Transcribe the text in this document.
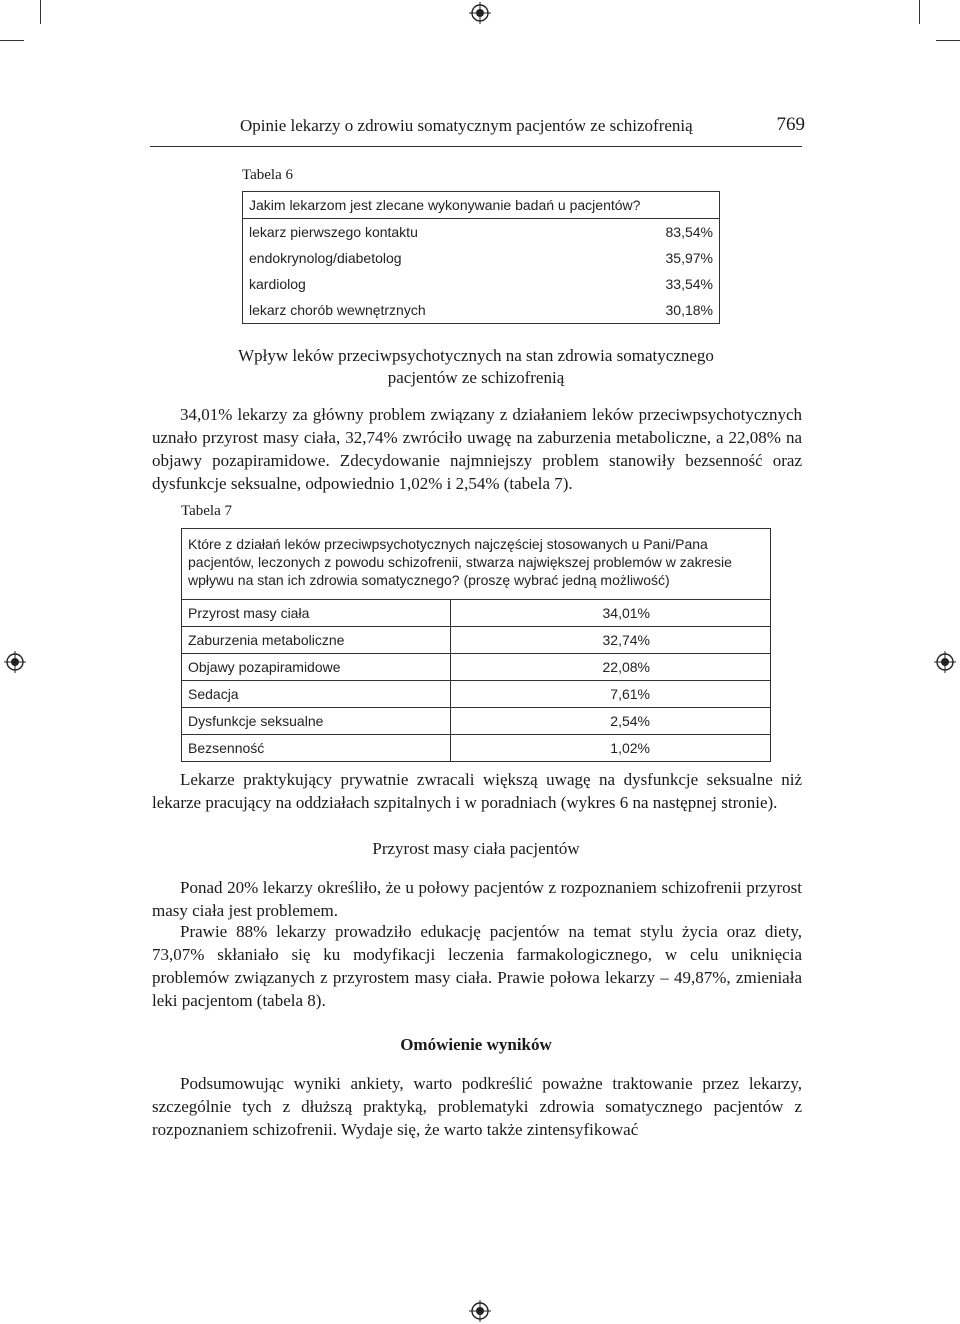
Opinie lekarzy o zdrowiu somatycznym pacjentów ze schizofrenią	769
Tabela 6
Jakim lekarzom jest zlecane wykonywanie badań u pacjentów?	
lekarz pierwszego kontaktu	83,54%
endokrynolog/diabetolog	35,97%
kardiolog	33,54%
lekarz chorób wewnętrznych	30,18%
Wpływ leków przeciwpsychotycznych na stan zdrowia somatycznego
pacjentów ze schizofrenią
34,01% lekarzy za główny problem związany z działaniem leków przeciwpsychotycznych uznało przyrost masy ciała, 32,74% zwróciło uwagę na zaburzenia metaboliczne, a 22,08% na objawy pozapiramidowe. Zdecydowanie najmniejszy problem stanowiły bezsenność oraz dysfunkcje seksualne, odpowiednio 1,02% i 2,54% (tabela 7).
Tabela 7
Które z działań leków przeciwpsychotycznych najczęściej stosowanych u Pani/Pana pacjentów, leczonych z powodu schizofrenii, stwarza największej problemów w zakresie wpływu na stan ich zdrowia somatycznego? (proszę wybrać jedną możliwość)	
Przyrost masy ciała	34,01%
Zaburzenia metaboliczne	32,74%
Objawy pozapiramidowe	22,08%
Sedacja	7,61%
Dysfunkcje seksualne	2,54%
Bezsenność	1,02%
Lekarze praktykujący prywatnie zwracali większą uwagę na dysfunkcje seksualne niż lekarze pracujący na oddziałach szpitalnych i w poradniach (wykres 6 na następnej stronie).
Przyrost masy ciała pacjentów
Ponad 20% lekarzy określiło, że u połowy pacjentów z rozpoznaniem schizofrenii przyrost masy ciała jest problemem.
Prawie 88% lekarzy prowadziło edukację pacjentów na temat stylu życia oraz diety, 73,07% skłaniało się ku modyfikacji leczenia farmakologicznego, w celu uniknięcia problemów związanych z przyrostem masy ciała. Prawie połowa lekarzy – 49,87%, zmieniała leki pacjentom (tabela 8).
Omówienie wyników
Podsumowując wyniki ankiety, warto podkreślić poważne traktowanie przez lekarzy, szczególnie tych z dłuższą praktyką, problematyki zdrowia somatycznego pacjentów z rozpoznaniem schizofrenii. Wydaje się, że warto także zintensyfikować
